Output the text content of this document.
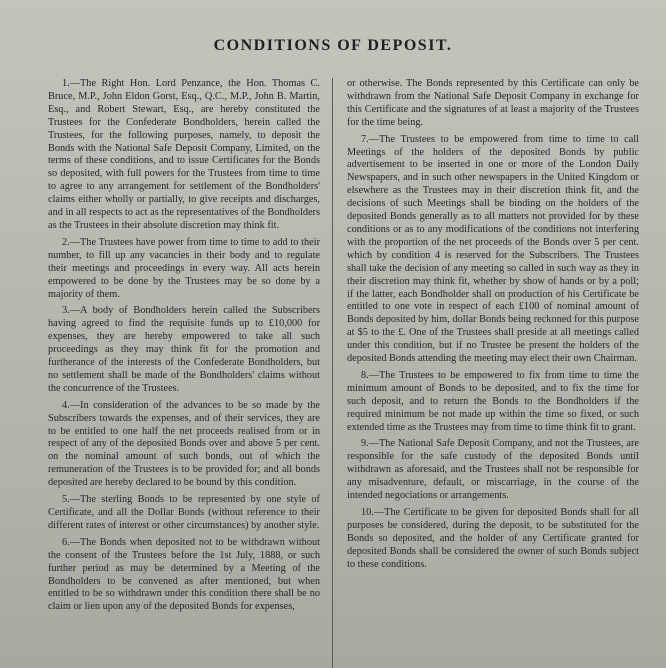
CONDITIONS OF DEPOSIT.

1.—The Right Hon. Lord Penzance, the Hon. Thomas C. Bruce, M.P., John Eldon Gorst, Esq., Q.C., M.P., John B. Martin, Esq., and Robert Stewart, Esq., are hereby constituted the Trustees for the Confederate Bondholders, herein called the Trustees, for the following purposes, namely, to deposit the Bonds with the National Safe Deposit Company, Limited, on the terms of these conditions, and to issue Certificates for the Bonds so deposited, with full powers for the Trustees from time to time to agree to any arrangement for settlement of the Bondholders' claims either wholly or partially, to give receipts and discharges, and in all respects to act as the representatives of the Bondholders as the Trustees in their absolute discretion may think fit.

2.—The Trustees have power from time to time to add to their number, to fill up any vacancies in their body and to regulate their meetings and proceedings in every way. All acts herein empowered to be done by the Trustees may be so done by a majority of them.

3.—A body of Bondholders herein called the Subscribers having agreed to find the requisite funds up to £10,000 for expenses, they are hereby empowered to take all such proceedings as they may think fit for the promotion and furtherance of the interests of the Confederate Bondholders, but no settlement shall be made of the Bondholders' claims without the concurrence of the Trustees.

4.—In consideration of the advances to be so made by the Subscribers towards the expenses, and of their services, they are to be entitled to one half the net proceeds realised from or in respect of any of the deposited Bonds over and above 5 per cent. on the nominal amount of such bonds, out of which the remuneration of the Trustees is to be provided for; and all bonds deposited are hereby declared to be bound by this condition.

5.—The sterling Bonds to be represented by one style of Certificate, and all the Dollar Bonds (without reference to their different rates of interest or other circumstances) by another style.

6.—The Bonds when deposited not to be withdrawn without the consent of the Trustees before the 1st July, 1888, or such further period as may be determined by a Meeting of the Bondholders to be convened as after mentioned, but when entitled to be so withdrawn under this condition there shall be no claim or lien upon any of the deposited Bonds for expenses,

or otherwise. The Bonds represented by this Certificate can only be withdrawn from the National Safe Deposit Company in exchange for this Certificate and the signatures of at least a majority of the Trustees for the time being.

7.—The Trustees to be empowered from time to time to call Meetings of the holders of the deposited Bonds by public advertisement to be inserted in one or more of the London Daily Newspapers, and in such other newspapers in the United Kingdom or elsewhere as the Trustees may in their discretion think fit, and the decisions of such Meetings shall be binding on the holders of the deposited Bonds generally as to all matters not provided for by these conditions or as to any modifications of the conditions not interfering with the proportion of the net proceeds of the Bonds over 5 per cent. which by condition 4 is reserved for the Subscribers. The Trustees shall take the decision of any meeting so called in such way as they in their discretion may think fit, whether by show of hands or by a poll; if the latter, each Bondholder shall on production of his Certificate be entitled to one vote in respect of each £100 of nominal amount of Bonds deposited by him, dollar Bonds being reckoned for this purpose at $5 to the £. One of the Trustees shall preside at all meetings called under this condition, but if no Trustee be present the holders of the deposited Bonds attending the meeting may elect their own Chairman.

8.—The Trustees to be empowered to fix from time to time the minimum amount of Bonds to be deposited, and to fix the time for such deposit, and to return the Bonds to the Bondholders if the required minimum be not made up within the time so fixed, or such extended time as the Trustees may from time to time think fit to grant.

9.—The National Safe Deposit Company, and not the Trustees, are responsible for the safe custody of the deposited Bonds until withdrawn as aforesaid, and the Trustees shall not be responsible for any misadventure, default, or miscarriage, in the course of the intended negociations or arrangements.

10.—The Certificate to be given for deposited Bonds shall for all purposes be considered, during the deposit, to be substituted for the Bonds so deposited, and the holder of any Certificate granted for deposited Bonds shall be considered the owner of such Bonds subject to these conditions.
